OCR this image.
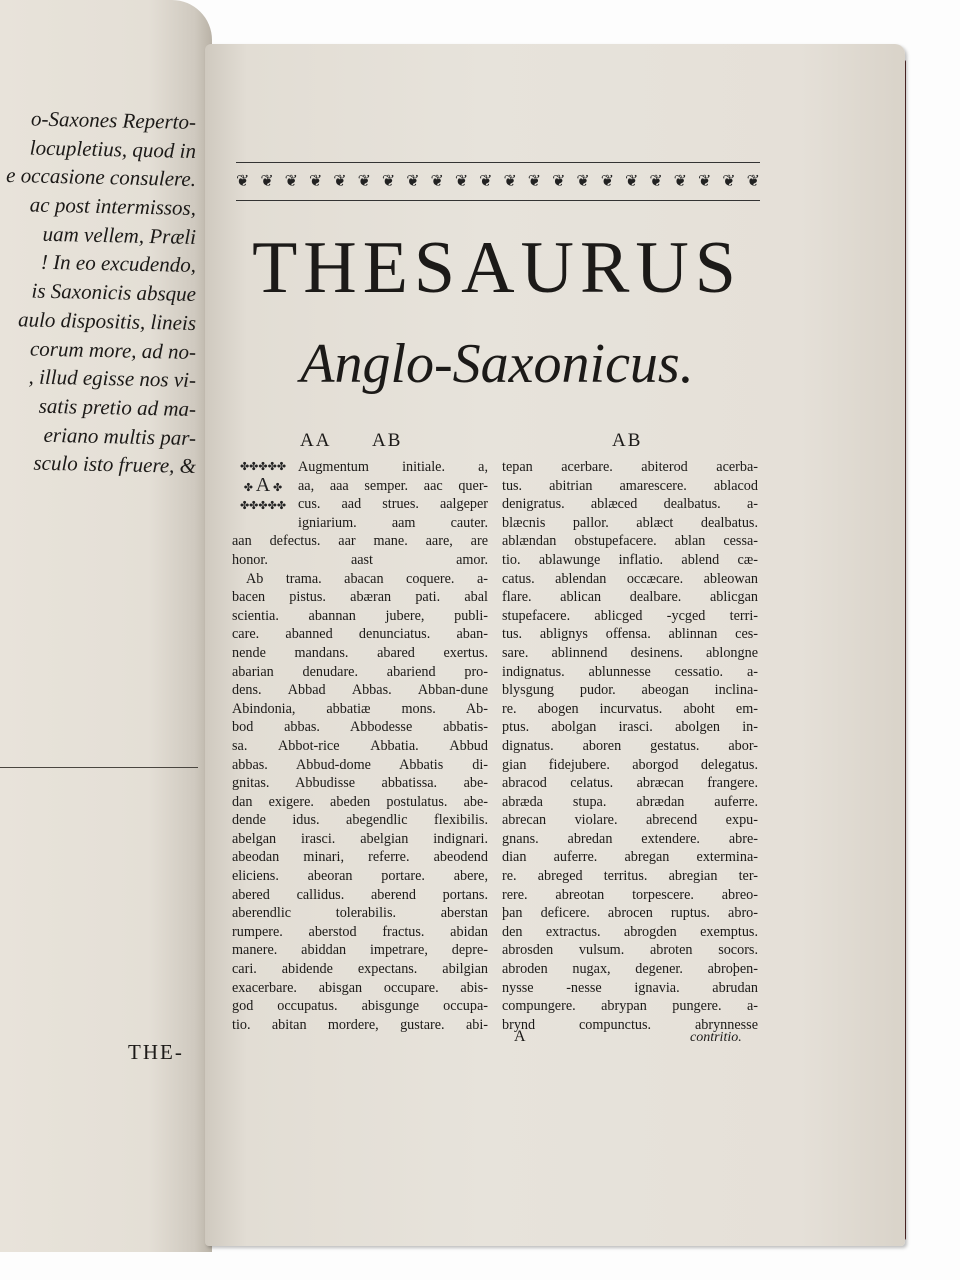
o-Saxones Reperto-
locupletius, quod in
e occasione consulere.
ac post intermissos,
uam vellem, Præli
! In eo excudendo,
is Saxonicis absque
aulo dispositis, lineis
corum more, ad no-
, illud egisse nos vi-
satis pretio ad ma-
eriano multis par-
sculo isto fruere, &
THE-
❦ ❦ ❦ ❦ ❦ ❦ ❦ ❦ ❦ ❦ ❦ ❦ ❦ ❦ ❦ ❦ ❦ ❦ ❦ ❦ ❦ ❦
THESAURUS
Anglo-Saxonicus.
AA AB	AB
✤✤✤✤✤
✤ A ✤
✤✤✤✤✤
Augmentum initiale. a,
aa, aaa semper. aac quer-
cus. aad strues. aalgeper
igniarium. aam cauter.
aan defectus. aar mane. aare, are
honor. aast amor.
Ab trama. abacan coquere. a-
bacen pistus. abæran pati. abal
scientia. abannan jubere, publi-
care. abanned denunciatus. aban-
nende mandans. abared exertus.
abarian denudare. abariend pro-
dens. Abbad Abbas. Abban-dune
Abindonia, abbatiæ mons. Ab-
bod abbas. Abbodesse abbatis-
sa. Abbot-rice Abbatia. Abbud
abbas. Abbud-dome Abbatis di-
gnitas. Abbudisse abbatissa. abe-
dan exigere. abeden postulatus. abe-
dende idus. abegendlic flexibilis.
abelgan irasci. abelgian indignari.
abeodan minari, referre. abeodend
eliciens. abeoran portare. abere,
abered callidus. aberend portans.
aberendlic tolerabilis. aberstan
rumpere. aberstod fractus. abidan
manere. abiddan impetrare, depre-
cari. abidende expectans. abilgian
exacerbare. abisgan occupare. abis-
god occupatus. abisgunge occupa-
tio. abitan mordere, gustare. abi-
tepan acerbare. abiterod acerba-
tus. abitrian amarescere. ablacod
denigratus. ablæced dealbatus. a-
blæcnis pallor. ablæct dealbatus.
ablændan obstupefacere. ablan cessa-
tio. ablawunge inflatio. ablend cæ-
catus. ablendan occæcare. ableowan
flare. ablican dealbare. ablicgan
stupefacere. ablicged -ycged terri-
tus. ablignys offensa. ablinnan ces-
sare. ablinnend desinens. ablongne
indignatus. ablunnesse cessatio. a-
blysgung pudor. abeogan inclina-
re. abogen incurvatus. aboht em-
ptus. abolgan irasci. abolgen in-
dignatus. aboren gestatus. abor-
gian fidejubere. aborgod delegatus.
abracod celatus. abræcan frangere.
abræda stupa. abrædan auferre.
abrecan violare. abrecend expu-
gnans. abredan extendere. abre-
dian auferre. abregan extermina-
re. abreged territus. abregian ter-
rere. abreotan torpescere. abreo-
þan deficere. abrocen ruptus. abro-
den extractus. abrogden exemptus.
abrosden vulsum. abroten socors.
abroden nugax, degener. abroþen-
nysse -nesse ignavia. abrudan
compungere. abrypan pungere. a-
brynd compunctus. abrynnesse
A	contritio.
